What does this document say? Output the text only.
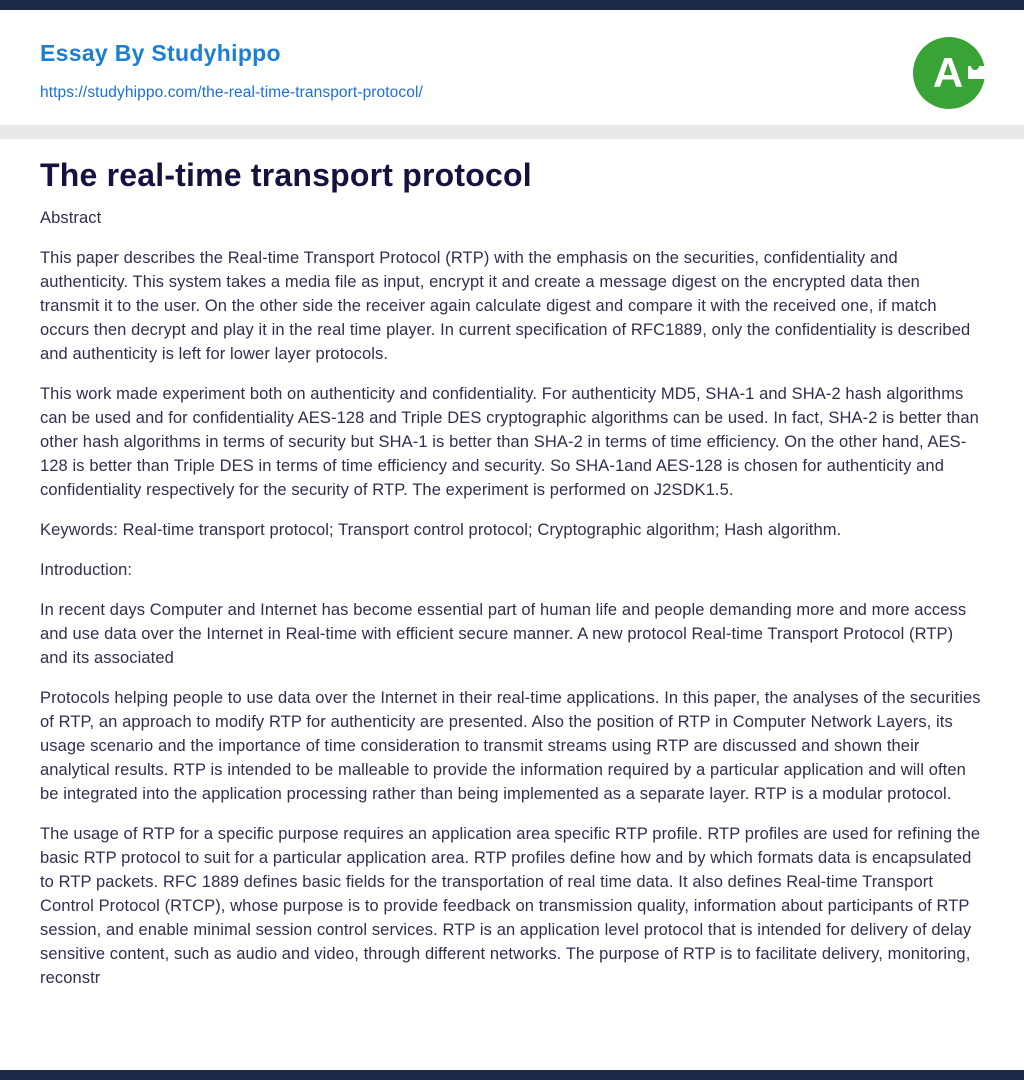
Essay By Studyhippo
https://studyhippo.com/the-real-time-transport-protocol/	A
The real-time transport protocol

Abstract

This paper describes the Real-time Transport Protocol (RTP) with the emphasis on the securities, confidentiality and authenticity. This system takes a media file as input, encrypt it and create a message digest on the encrypted data then transmit it to the user. On the other side the receiver again calculate digest and compare it with the received one, if match occurs then decrypt and play it in the real time player. In current specification of RFC1889, only the confidentiality is described and authenticity is left for lower layer protocols.

This work made experiment both on authenticity and confidentiality. For authenticity MD5, SHA-1 and SHA-2 hash algorithms can be used and for confidentiality AES-128 and Triple DES cryptographic algorithms can be used. In fact, SHA-2 is better than other hash algorithms in terms of security but SHA-1 is better than SHA-2 in terms of time efficiency. On the other hand, AES-128 is better than Triple DES in terms of time efficiency and security. So SHA-1and AES-128 is chosen for authenticity and confidentiality respectively for the security of RTP. The experiment is performed on J2SDK1.5.

Keywords: Real-time transport protocol; Transport control protocol; Cryptographic algorithm; Hash algorithm.

Introduction:

In recent days Computer and Internet has become essential part of human life and people demanding more and more access and use data over the Internet in Real-time with efficient secure manner. A new protocol Real-time Transport Protocol (RTP) and its associated

Protocols helping people to use data over the Internet in their real-time applications. In this paper, the analyses of the securities of RTP, an approach to modify RTP for authenticity are presented. Also the position of RTP in Computer Network Layers, its usage scenario and the importance of time consideration to transmit streams using RTP are discussed and shown their analytical results. RTP is intended to be malleable to provide the information required by a particular application and will often be integrated into the application processing rather than being implemented as a separate layer. RTP is a modular protocol.

The usage of RTP for a specific purpose requires an application area specific RTP profile. RTP profiles are used for refining the basic RTP protocol to suit for a particular application area. RTP profiles define how and by which formats data is encapsulated to RTP packets. RFC 1889 defines basic fields for the transportation of real time data. It also defines Real-time Transport Control Protocol (RTCP), whose purpose is to provide feedback on transmission quality, information about participants of RTP session, and enable minimal session control services. RTP is an application level protocol that is intended for delivery of delay sensitive content, such as audio and video, through different networks. The purpose of RTP is to facilitate delivery, monitoring, reconstr
